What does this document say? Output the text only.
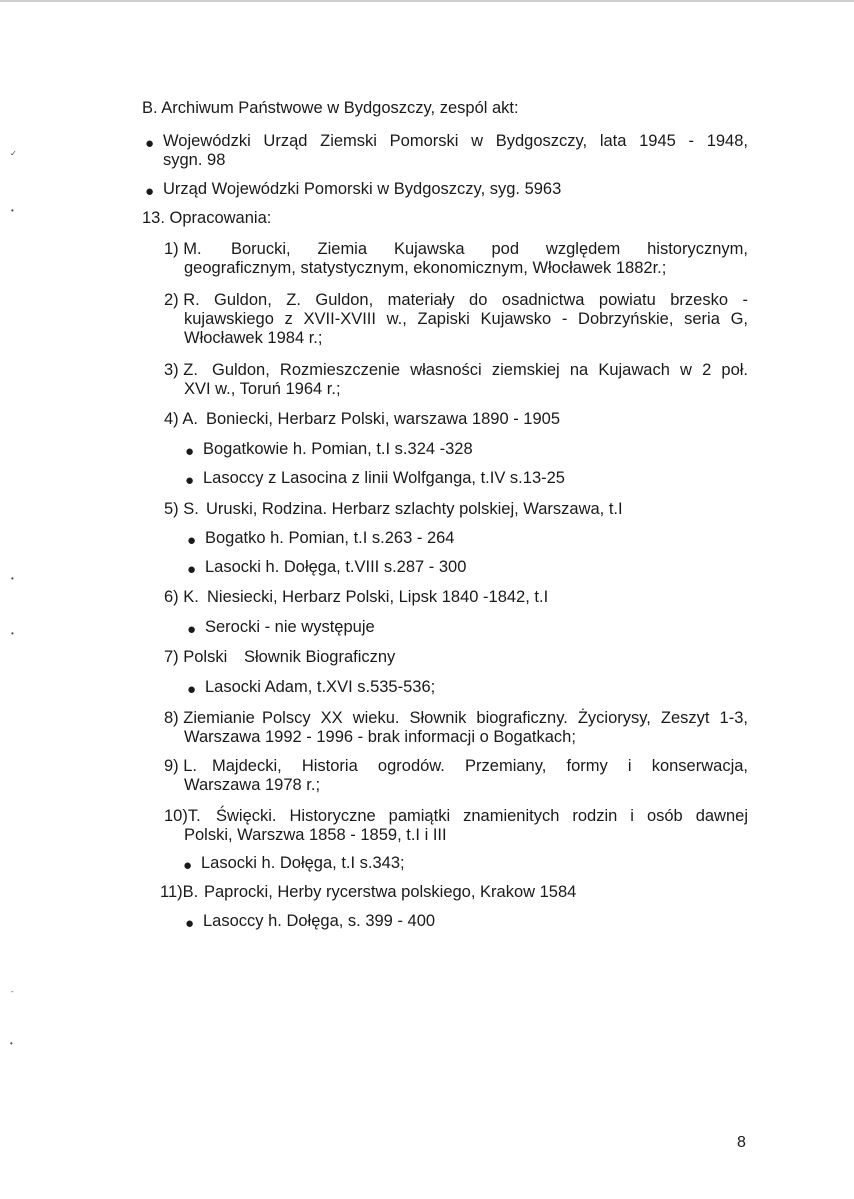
✓
•
•
•
-
•
B. Archiwum Państwowe w Bydgoszczy, zespól akt:
● Wojewódzki Urząd Ziemski Pomorski w Bydgoszczy, lata 1945 - 1948,
sygn. 98
● Urząd Wojewódzki Pomorski w Bydgoszczy, syg. 5963
13. Opracowania:
1) M. Borucki, Ziemia Kujawska pod względem historycznym,
geograficznym, statystycznym, ekonomicznym, Włocławek 1882r.;
2) R. Guldon, Z. Guldon, materiały do osadnictwa powiatu brzesko -
kujawskiego z XVII-XVIII w., Zapiski Kujawsko - Dobrzyńskie, seria G,
Włocławek 1984 r.;
3) Z. Guldon, Rozmieszczenie własności ziemskiej na Kujawach w 2 poł.
XVI w., Toruń 1964 r.;
4) A. Boniecki, Herbarz Polski, warszawa 1890 - 1905
● Bogatkowie h. Pomian, t.I s.324 -328
● Lasoccy z Lasocina z linii Wolfganga, t.IV s.13-25
5) S. Uruski, Rodzina. Herbarz szlachty polskiej, Warszawa, t.I
● Bogatko h. Pomian, t.I s.263 - 264
● Lasocki h. Dołęga, t.VIII s.287 - 300
6) K. Niesiecki, Herbarz Polski, Lipsk 1840 -1842, t.I
● Serocki - nie występuje
7) Polski Słownik Biograficzny
● Lasocki Adam, t.XVI s.535-536;
8) Ziemianie Polscy XX wieku. Słownik biograficzny. Życiorysy, Zeszyt 1-3,
Warszawa 1992 - 1996 - brak informacji o Bogatkach;
9) L. Majdecki, Historia ogrodów. Przemiany, formy i konserwacja,
Warszawa 1978 r.;
10)T. Święcki. Historyczne pamiątki znamienitych rodzin i osób dawnej
Polski, Warszwa 1858 - 1859, t.I i III
● Lasocki h. Dołęga, t.I s.343;
11)B. Paprocki, Herby rycerstwa polskiego, Krakow 1584
● Lasoccy h. Dołęga, s. 399 - 400
8
